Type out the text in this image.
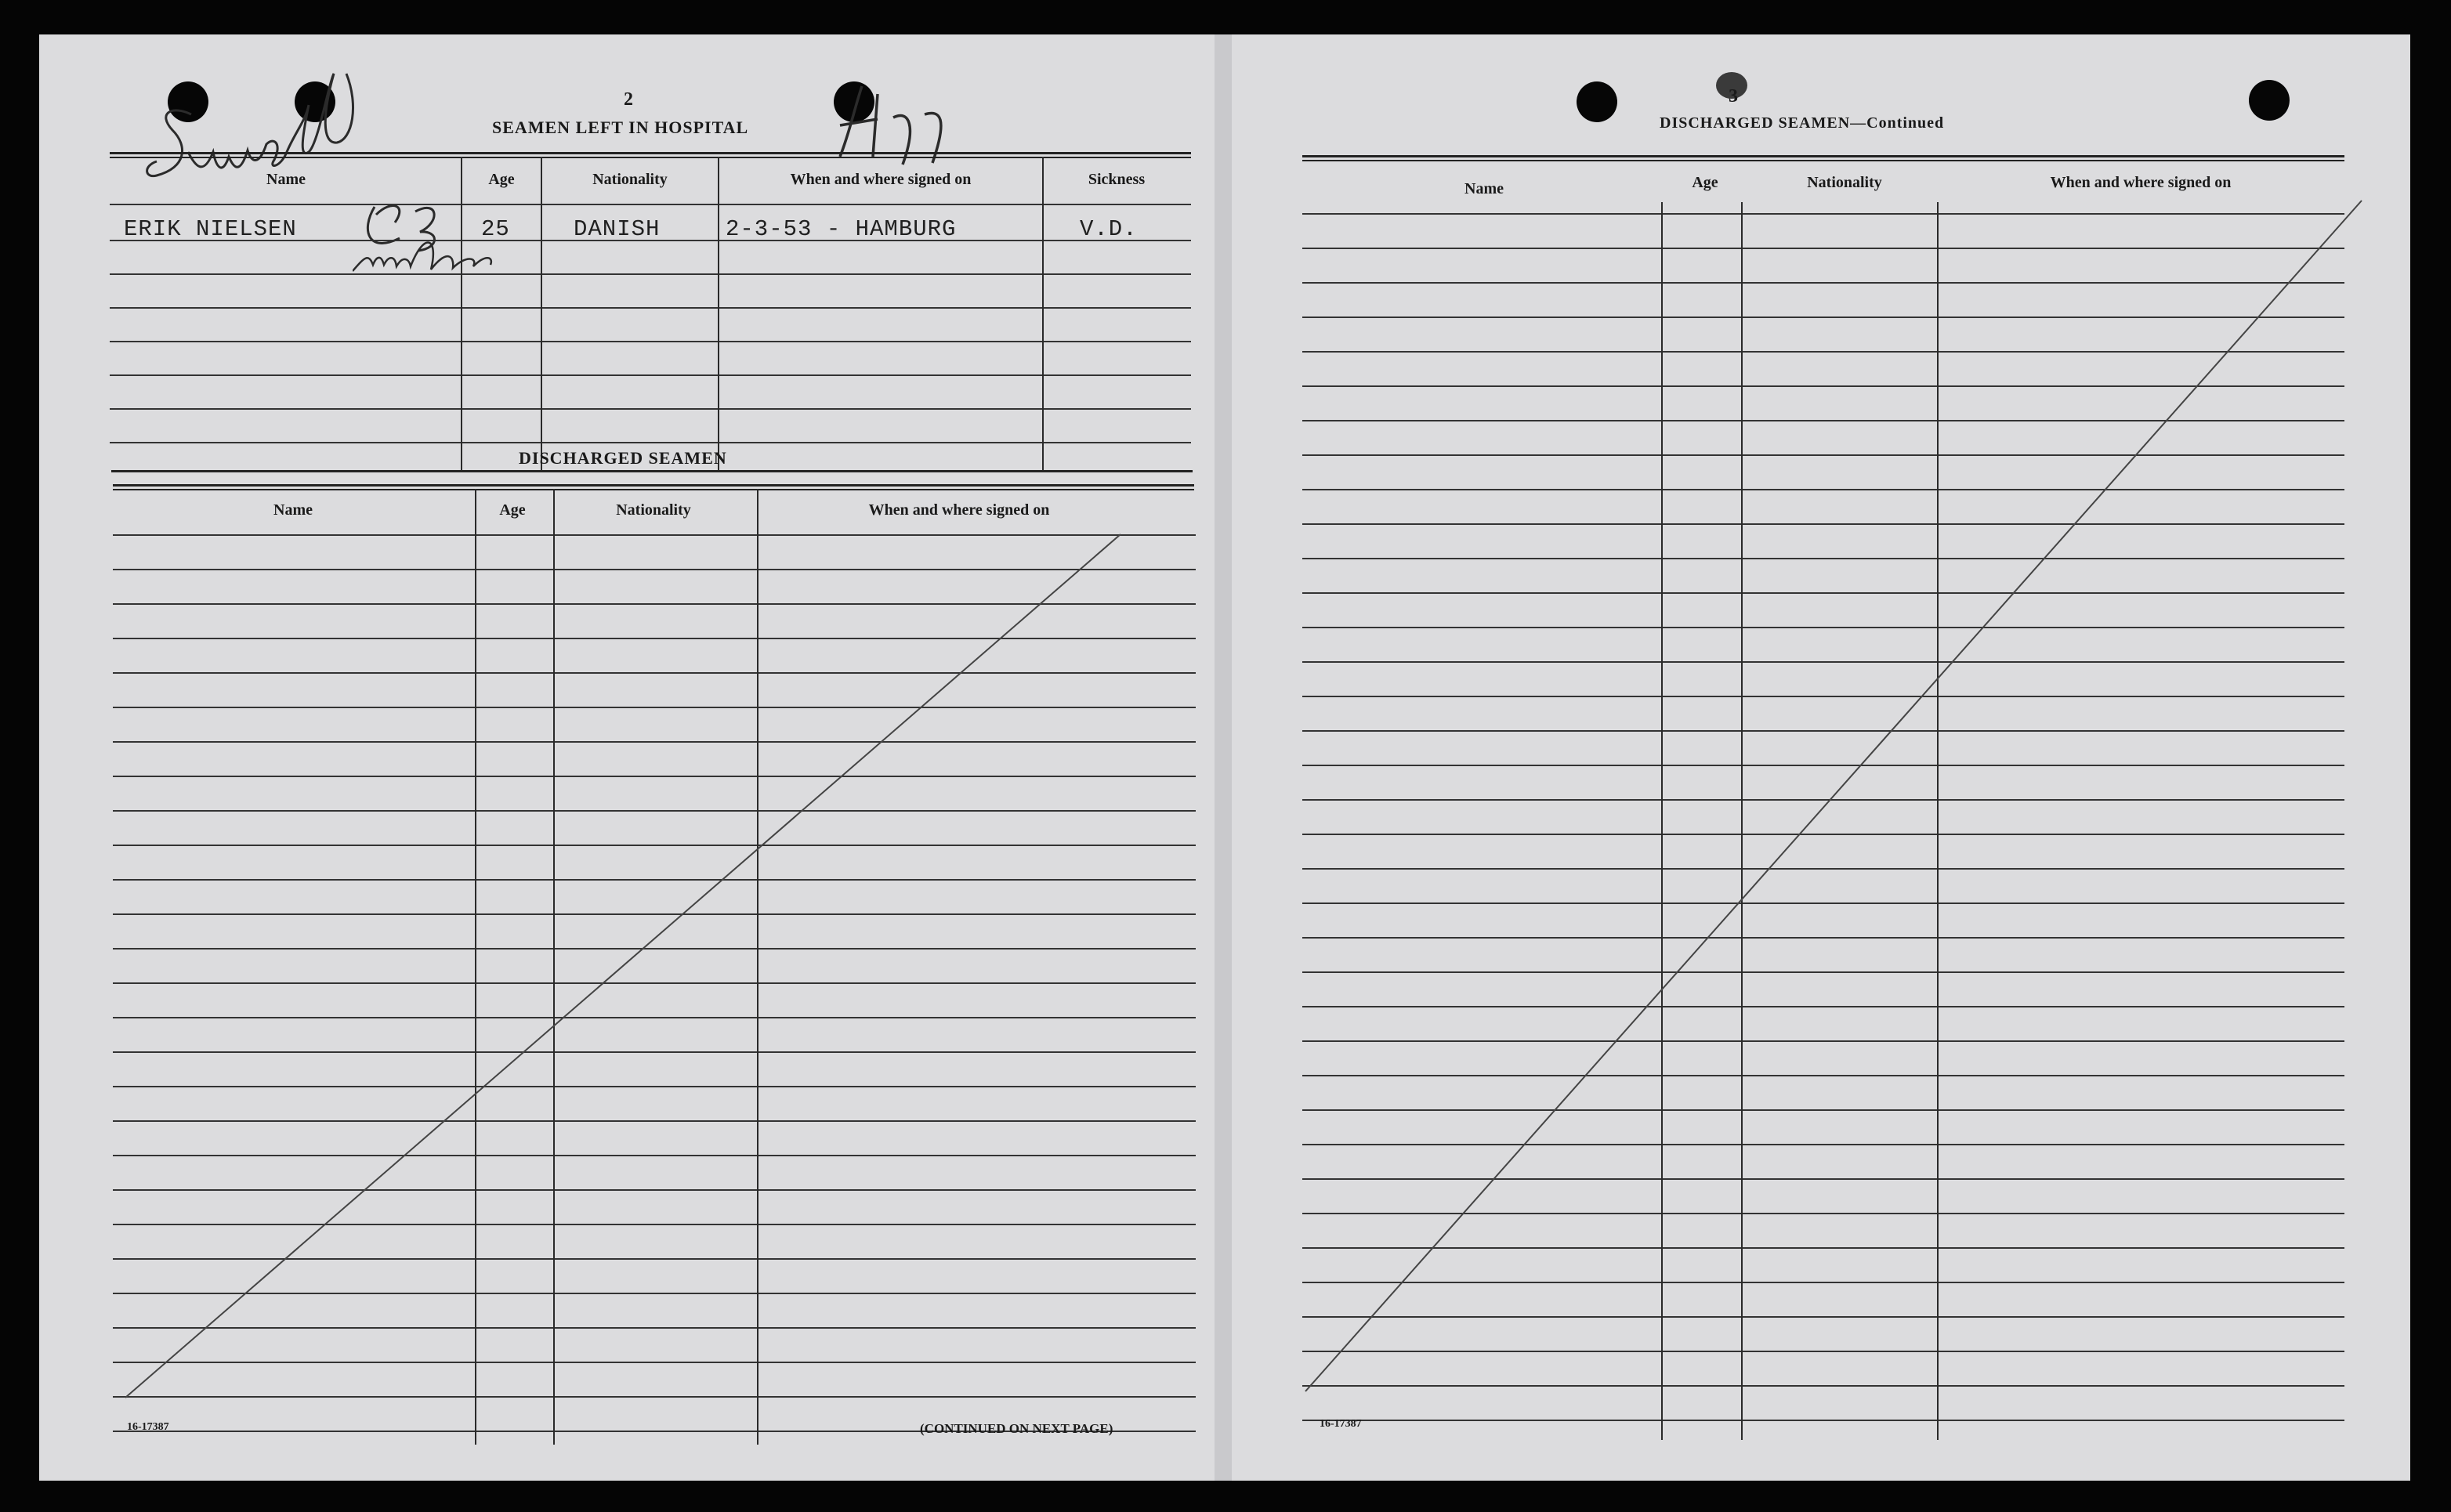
2
SEAMEN LEFT IN HOSPITAL
Sunadale
Name	Age	Nationality	When and where signed on	Sickness
ERIK NIELSEN	25	DANISH	2-3-53 - HAMBURG	V.D.
DISCHARGED SEAMEN
Name	Age	Nationality	When and where signed on
16-17387	(CONTINUED ON NEXT PAGE)
3
DISCHARGED SEAMEN—Continued
Name	Age	Nationality	When and where signed on
16-17387
